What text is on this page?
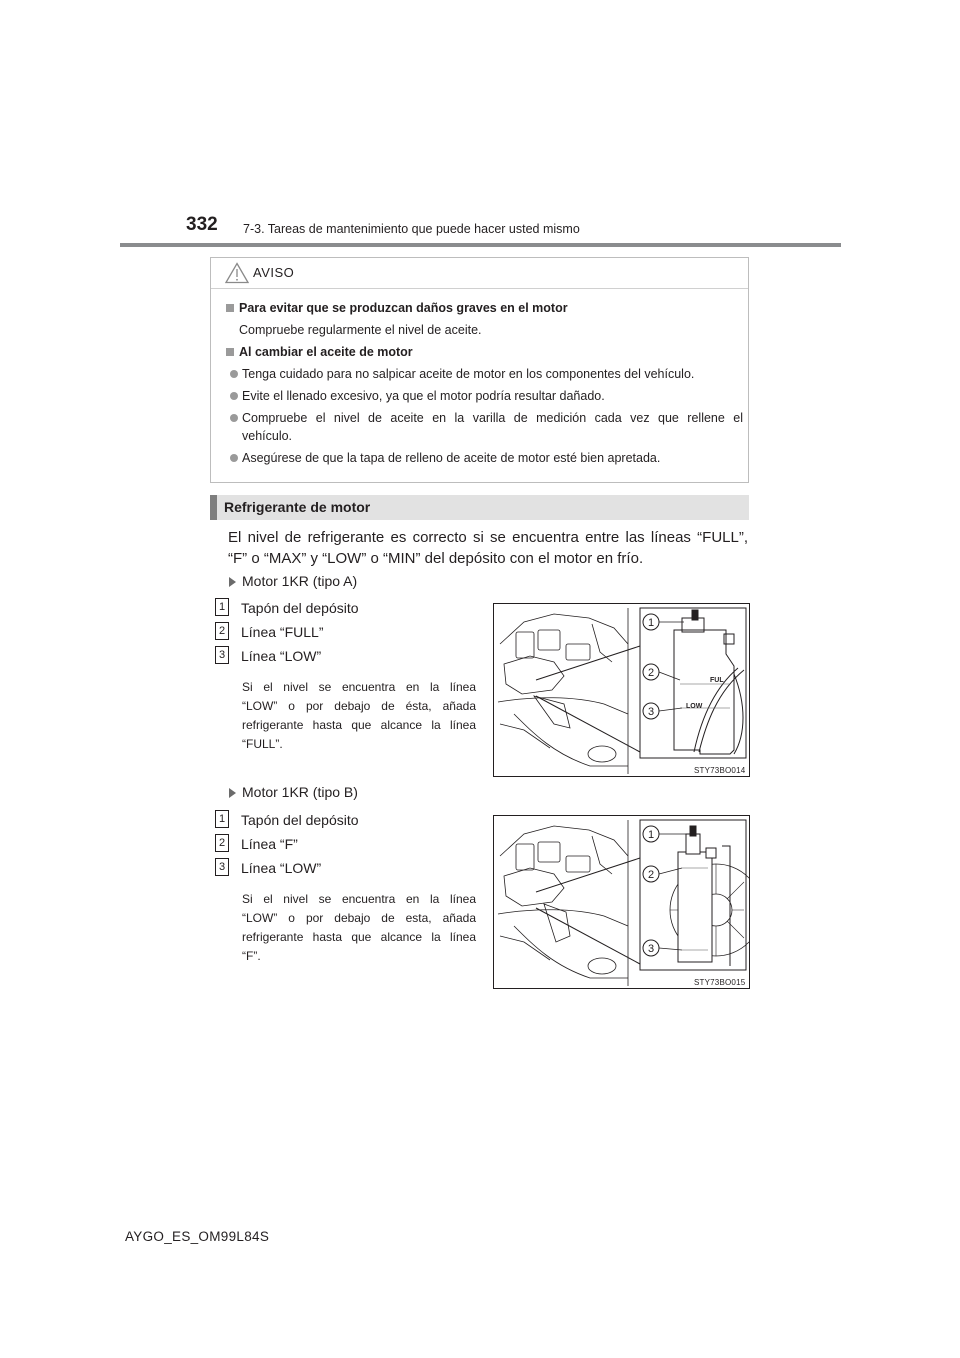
332 7-3. Tareas de mantenimiento que puede hacer usted mismo
AVISO
Para evitar que se produzcan daños graves en el motor
Compruebe regularmente el nivel de aceite.
Al cambiar el aceite de motor
Tenga cuidado para no salpicar aceite de motor en los componentes del vehículo.
Evite el llenado excesivo, ya que el motor podría resultar dañado.
Compruebe el nivel de aceite en la varilla de medición cada vez que rellene el
vehículo.
Asegúrese de que la tapa de relleno de aceite de motor esté bien apretada.
Refrigerante de motor
El nivel de refrigerante es correcto si se encuentra entre las líneas “FULL”,
“F” o “MAX” y “LOW” o “MIN” del depósito con el motor en frío.
Motor 1KR (tipo A)
1 Tapón del depósito
2 Línea “FULL”
3 Línea “LOW”
Si el nivel se encuentra en la línea
“LOW” o por debajo de ésta, añada
refrigerante hasta que alcance la línea
“FULL”.
FUL
LOW
1
2
3
STY73BO014
Motor 1KR (tipo B)
1 Tapón del depósito
2 Línea “F”
3 Línea “LOW”
Si el nivel se encuentra en la línea
“LOW” o por debajo de esta, añada
refrigerante hasta que alcance la línea
“F”.
1
2
3
STY73BO015
AYGO_ES_OM99L84S
